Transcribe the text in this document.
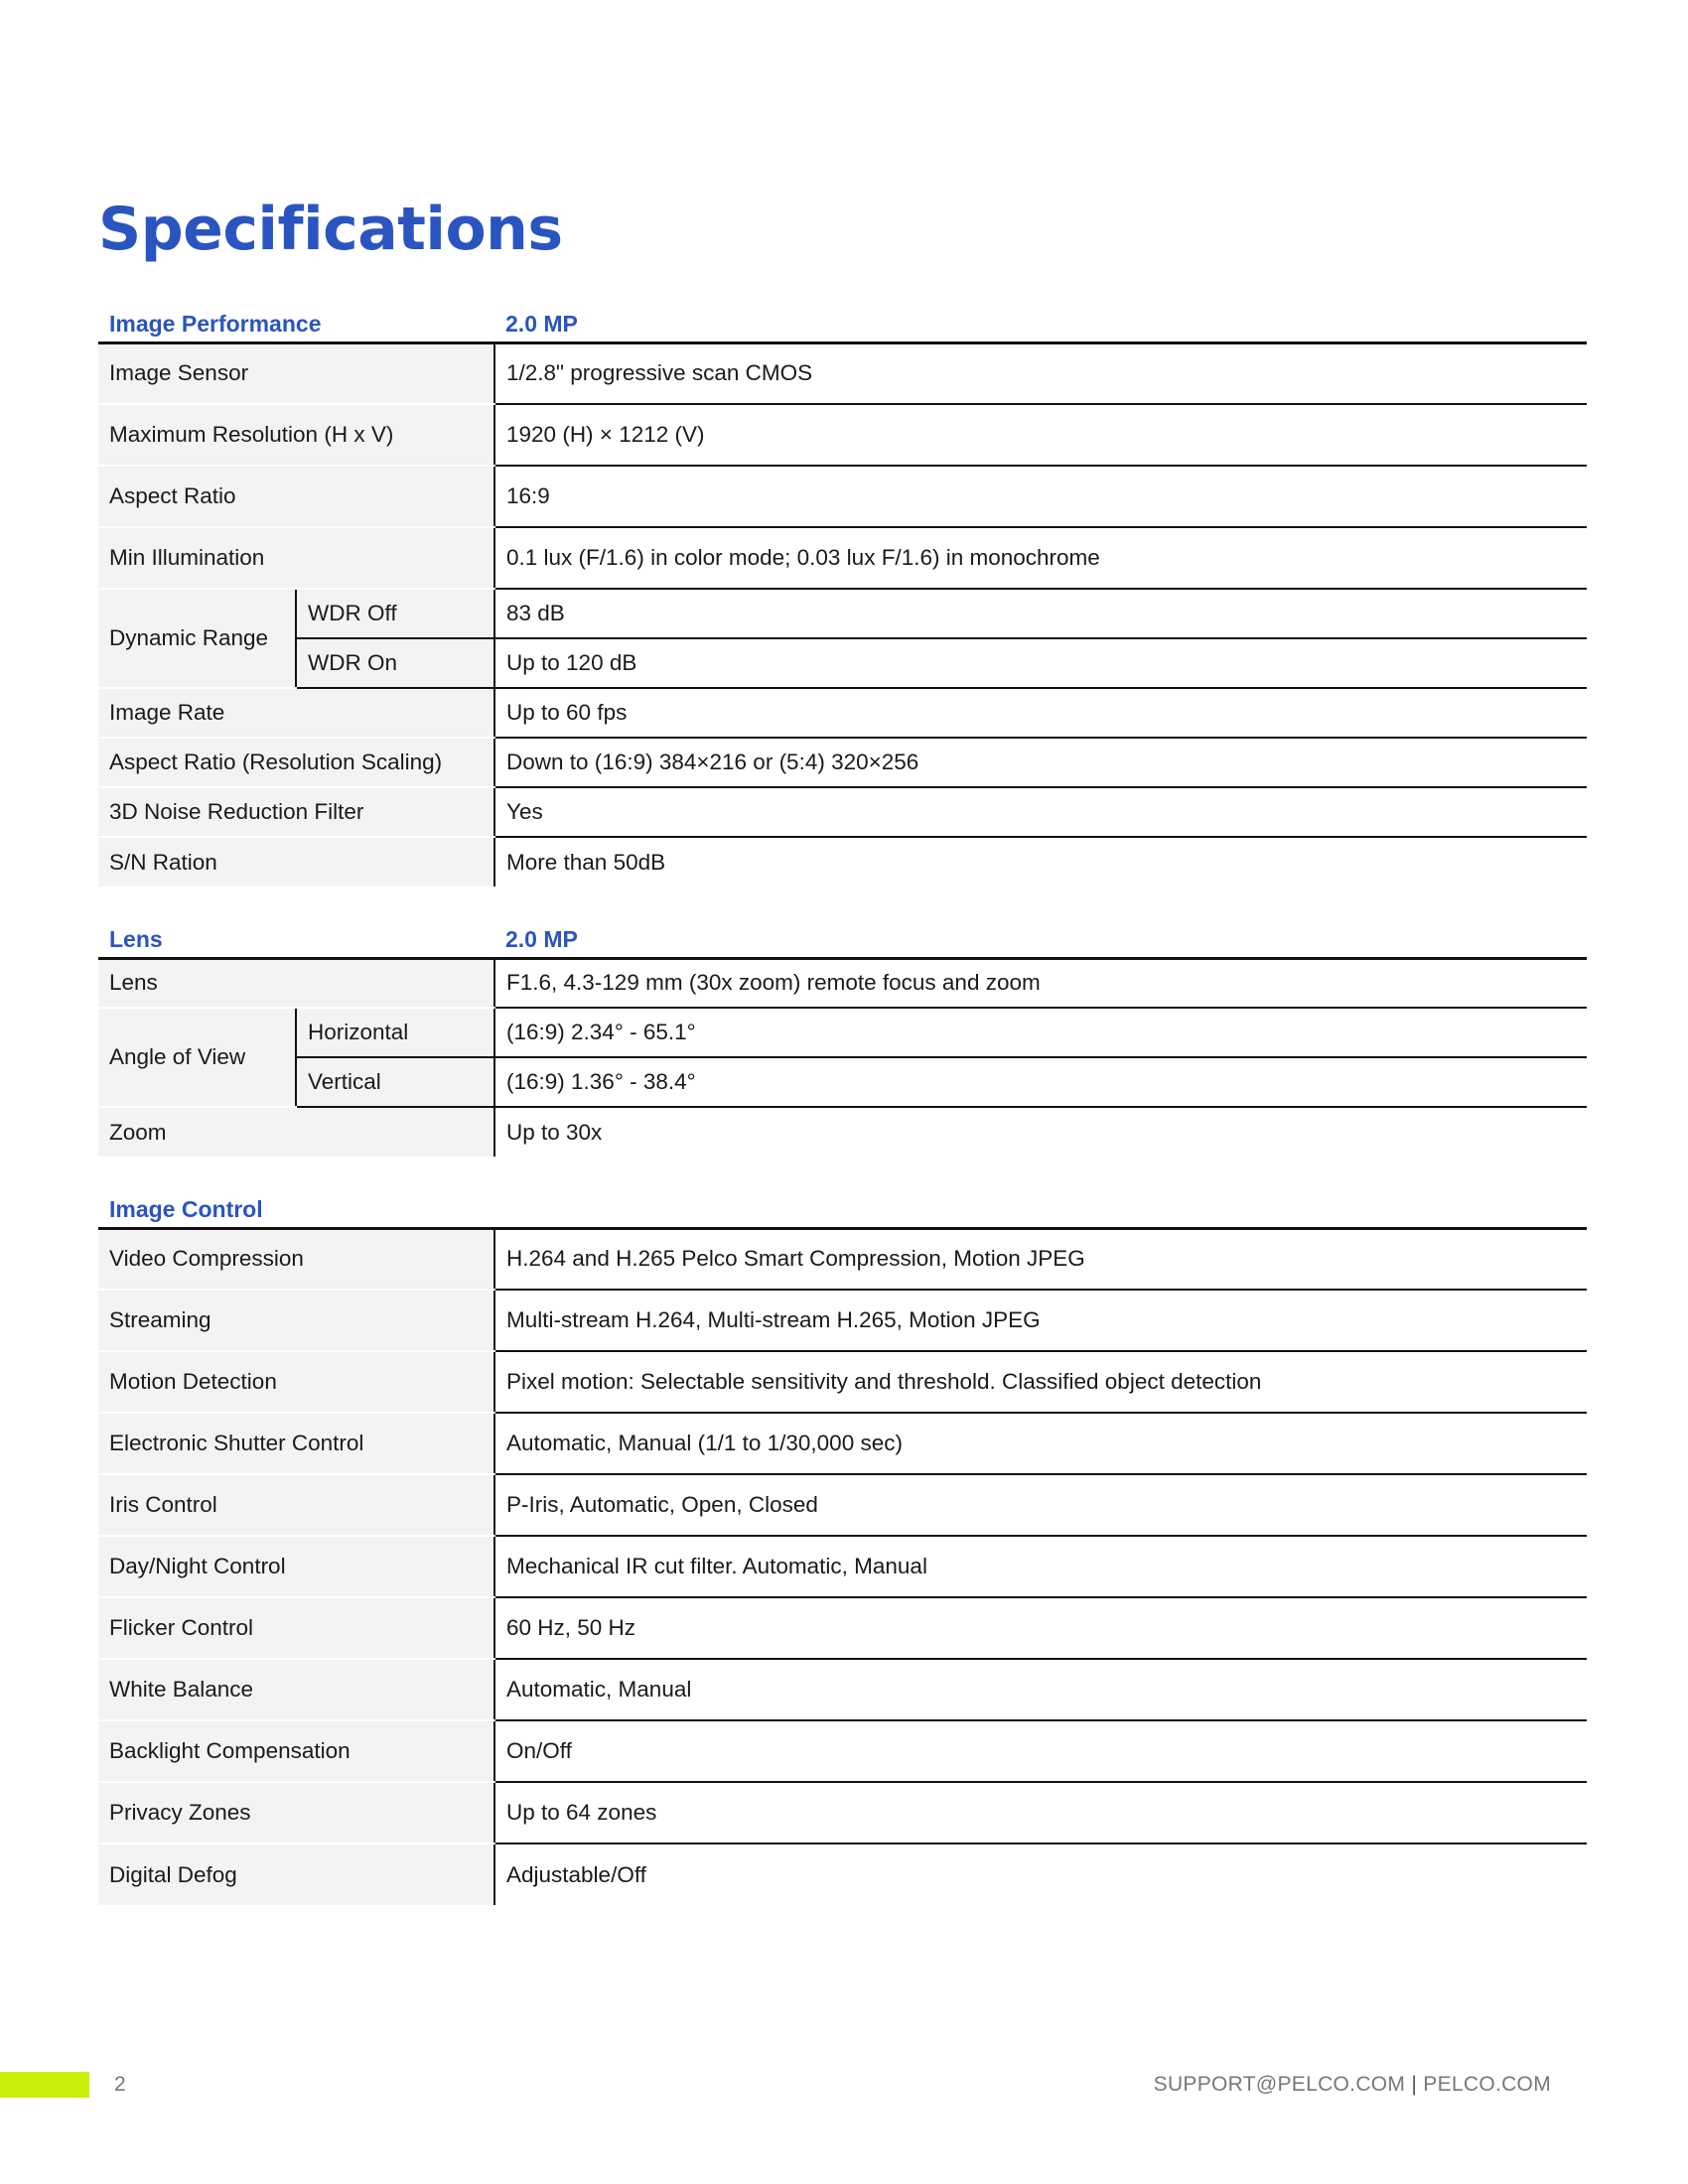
Specifications
Image Performance		2.0 MP
Image Sensor		1/2.8" progressive scan CMOS
Maximum Resolution (H x V)		1920 (H) × 1212 (V)
Aspect Ratio		16:9
Min Illumination		0.1 lux (F/1.6) in color mode; 0.03 lux F/1.6) in monochrome
Dynamic Range	WDR Off	83 dB
	WDR On	Up to 120 dB
Image Rate		Up to 60 fps
Aspect Ratio (Resolution Scaling)		Down to (16:9) 384×216 or (5:4) 320×256
3D Noise Reduction Filter		Yes
S/N Ration		More than 50dB
Lens		2.0 MP
Lens		F1.6, 4.3-129 mm (30x zoom) remote focus and zoom
Angle of View	Horizontal	(16:9) 2.34° - 65.1°
	Vertical	(16:9) 1.36° - 38.4°
Zoom		Up to 30x
Image Control	
Video Compression	H.264 and H.265 Pelco Smart Compression, Motion JPEG
Streaming	Multi-stream H.264, Multi-stream H.265, Motion JPEG
Motion Detection	Pixel motion: Selectable sensitivity and threshold. Classified object detection
Electronic Shutter Control	Automatic, Manual (1/1 to 1/30,000 sec)
Iris Control	P-Iris, Automatic, Open, Closed
Day/Night Control	Mechanical IR cut filter. Automatic, Manual
Flicker Control	60 Hz, 50 Hz
White Balance	Automatic, Manual
Backlight Compensation	On/Off
Privacy Zones	Up to 64 zones
Digital Defog	Adjustable/Off
2	SUPPORT@PELCO.COM | PELCO.COM
